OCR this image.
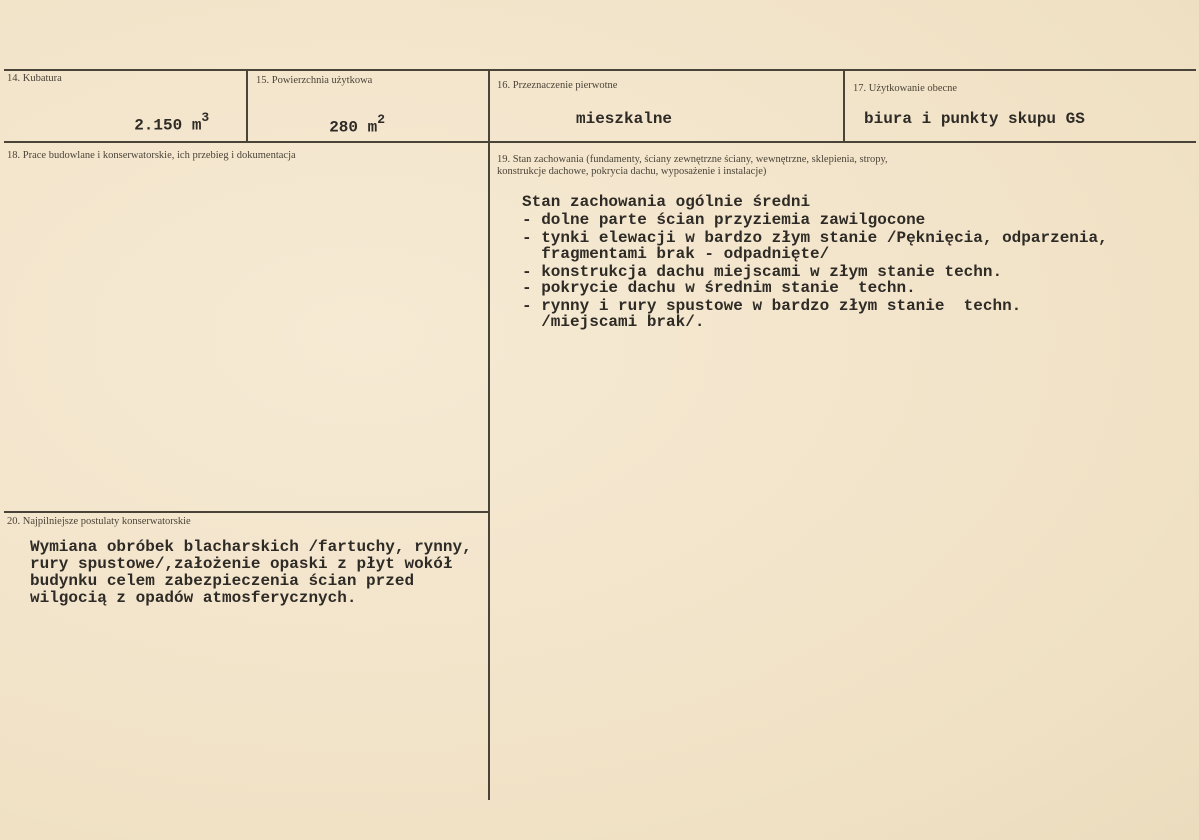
14. Kubatura

2.150 $m^3$

15. Powierzchnia użytkowa

280 $m^2$

16. Przeznaczenie pierwotne
mieszkalne
17. Użytkowanie obecne
biura i punkty skupu GS
18. Prace budowlane i konserwatorskie, ich przebieg i dokumentacja	19. Stan zachowania (fundamenty, ściany zewnętrzne ściany, wewnętrzne, sklepienia, stropy,
konstrukcje dachowe, pokrycia dachu, wyposażenie i instalacje)
Stan zachowania ogólnie średni
- dolne parte ścian przyziemia zawilgocone
- tynki elewacji w bardzo złym stanie /Pęknięcia, odparzenia,
fragmentami brak - odpadnięte/
- konstrukcja dachu miejscami w złym stanie techn.
- pokrycie dachu w średnim stanie  techn.
- rynny i rury spustowe w bardzo złym stanie  techn.
/miejscami brak/.
20. Najpilniejsze postulaty konserwatorskie
Wymiana obróbek blacharskich /fartuchy, rynny,
rury spustowe/,założenie opaski z płyt wokół
budynku celem zabezpieczenia ścian przed
wilgocią z opadów atmosferycznych.
